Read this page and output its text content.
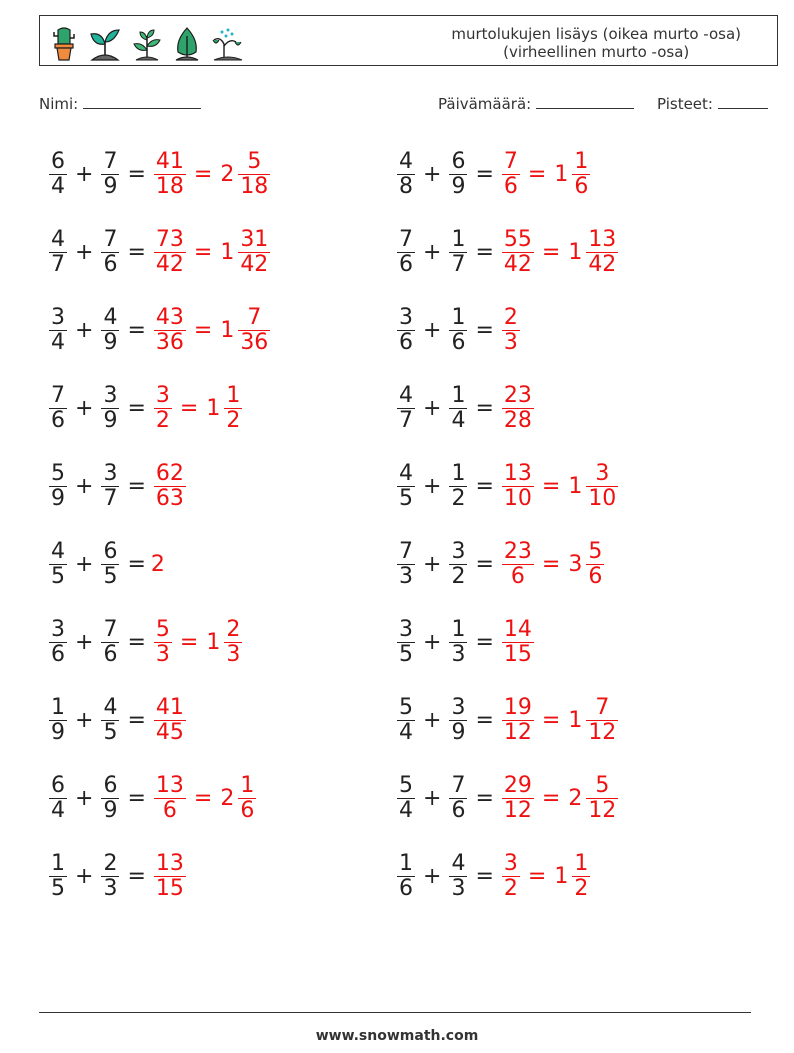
murtolukujen lisäys (oikea murto -osa)
(virheellinen murto -osa)
Nimi:	Päivämäärä:	Pisteet:
$\frac{6}{4} + \frac{7}{9} = \frac{41}{18} = 2 \frac{5}{18}$	$\frac{4}{8} + \frac{6}{9} = \frac{7}{6} = 1 \frac{1}{6}$
$\frac{4}{7} + \frac{7}{6} = \frac{73}{42} = 1 \frac{31}{42}$	$\frac{7}{6} + \frac{1}{7} = \frac{55}{42} = 1 \frac{13}{42}$
$\frac{3}{4} + \frac{4}{9} = \frac{43}{36} = 1 \frac{7}{36}$	$\frac{3}{6} + \frac{1}{6} = \frac{2}{3}$
$\frac{7}{6} + \frac{3}{9} = \frac{3}{2} = 1 \frac{1}{2}$	$\frac{4}{7} + \frac{1}{4} = \frac{23}{28}$
$\frac{5}{9} + \frac{3}{7} = \frac{62}{63}$	$\frac{4}{5} + \frac{1}{2} = \frac{13}{10} = 1 \frac{3}{10}$
$\frac{4}{5} + \frac{6}{5} = 2$	$\frac{7}{3} + \frac{3}{2} = \frac{23}{6} = 3 \frac{5}{6}$
$\frac{3}{6} + \frac{7}{6} = \frac{5}{3} = 1 \frac{2}{3}$	$\frac{3}{5} + \frac{1}{3} = \frac{14}{15}$
$\frac{1}{9} + \frac{4}{5} = \frac{41}{45}$	$\frac{5}{4} + \frac{3}{9} = \frac{19}{12} = 1 \frac{7}{12}$
$\frac{6}{4} + \frac{6}{9} = \frac{13}{6} = 2 \frac{1}{6}$	$\frac{5}{4} + \frac{7}{6} = \frac{29}{12} = 2 \frac{5}{12}$
$\frac{1}{5} + \frac{2}{3} = \frac{13}{15}$	$\frac{1}{6} + \frac{4}{3} = \frac{3}{2} = 1 \frac{1}{2}$
www.snowmath.com
